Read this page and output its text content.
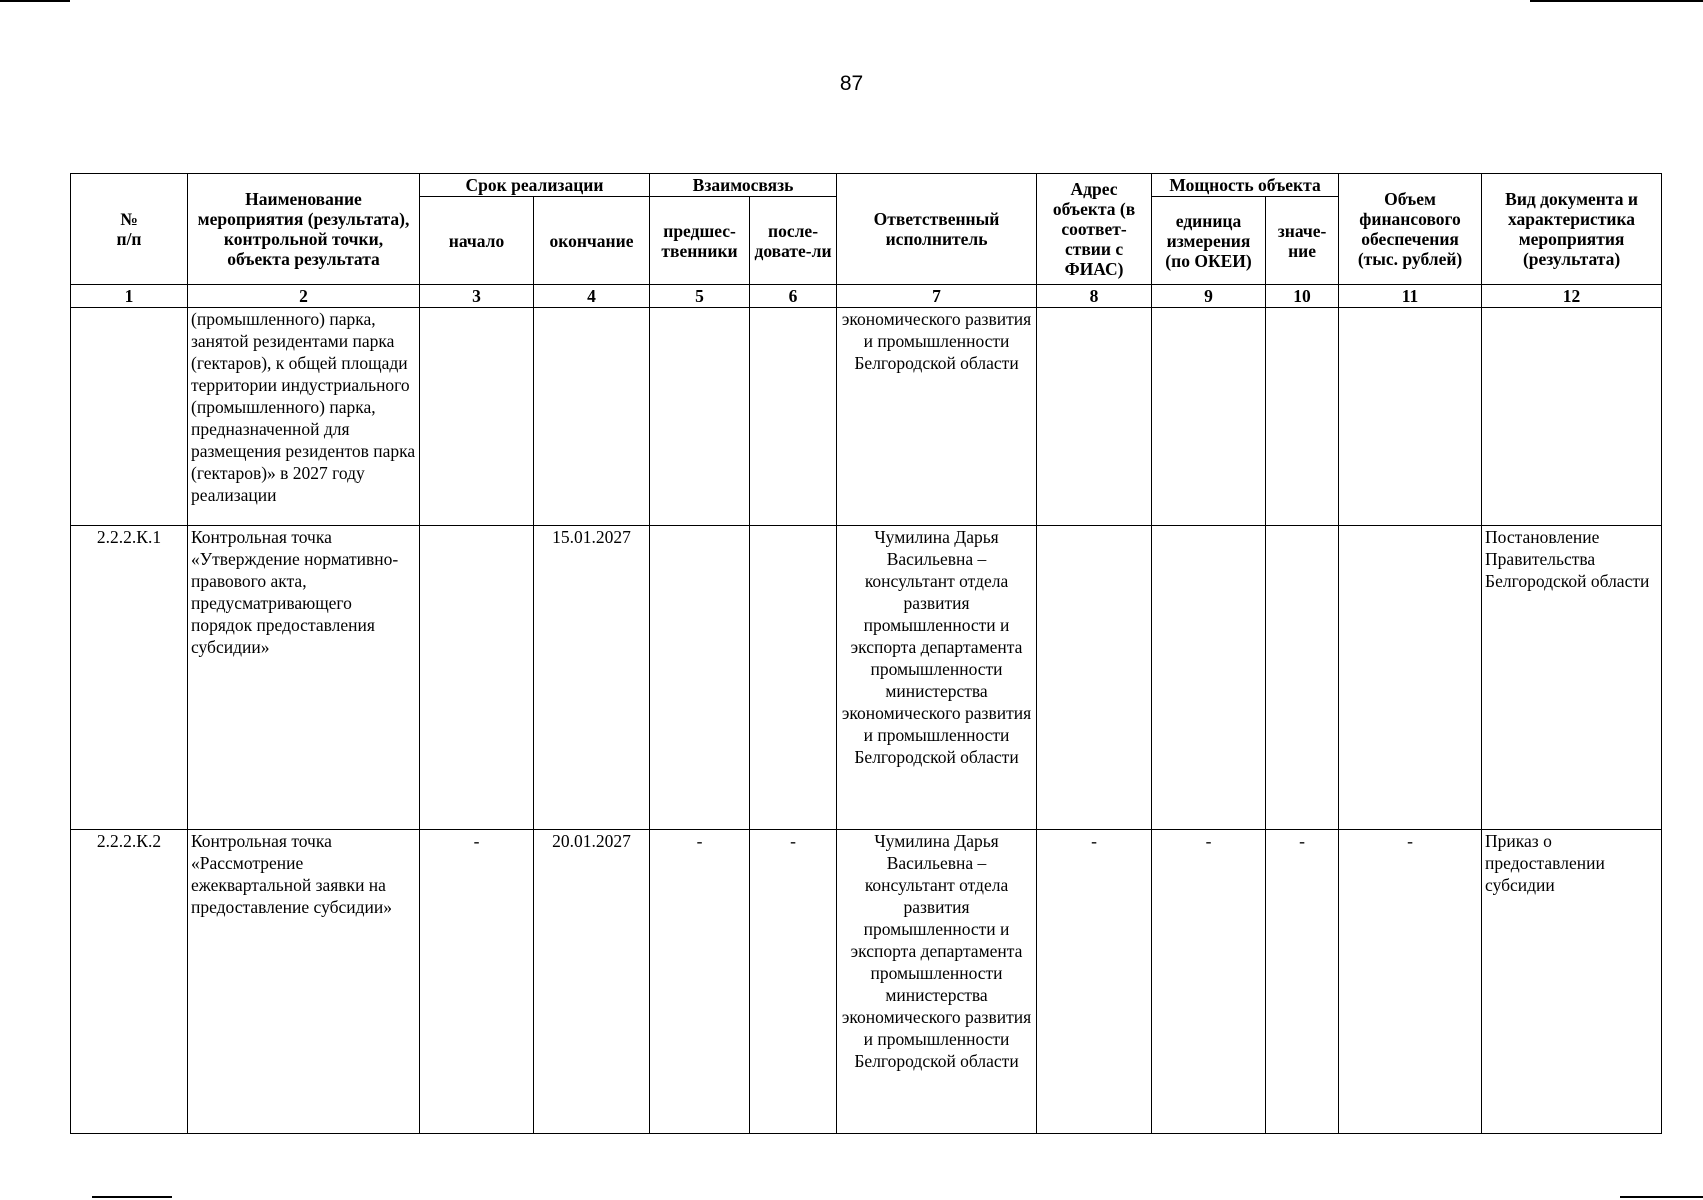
87
№
п/п	Наименование мероприятия (результата), контрольной точки, объекта результата	Срок реализации		Взаимосвязь		Ответственный исполнитель	Адрес объекта (в соответ-ствии с ФИАС)	Мощность объекта		Объем финансового обеспечения (тыс. рублей)	Вид документа и характеристика мероприятия (результата)
		начало	окончание	предшес-твенники	после-довате-ли			единица измерения (по ОКЕИ)	значе-ние		
1	2	3	4	5	6	7	8	9	10	11	12
	(промышленного) парка, занятой резидентами парка (гектаров), к общей площади территории индустриального (промышленного) парка, предназначенной для размещения резидентов парка (гектаров)» в 2027 году реализации					экономического развития и промышленности Белгородской области					
2.2.2.К.1	Контрольная точка «Утверждение нормативно-правового акта, предусматривающего порядок предоставления субсидии»		15.01.2027			Чумилина Дарья Васильевна – консультант отдела развития промышленности и экспорта департамента промышленности министерства экономического развития и промышленности Белгородской области					Постановление Правительства Белгородской области
2.2.2.К.2	Контрольная точка «Рассмотрение ежеквартальной заявки на предоставление субсидии»	-	20.01.2027	-	-	Чумилина Дарья Васильевна – консультант отдела развития промышленности и экспорта департамента промышленности министерства экономического развития и промышленности Белгородской области	-	-	-	-	Приказ о предоставлении субсидии
